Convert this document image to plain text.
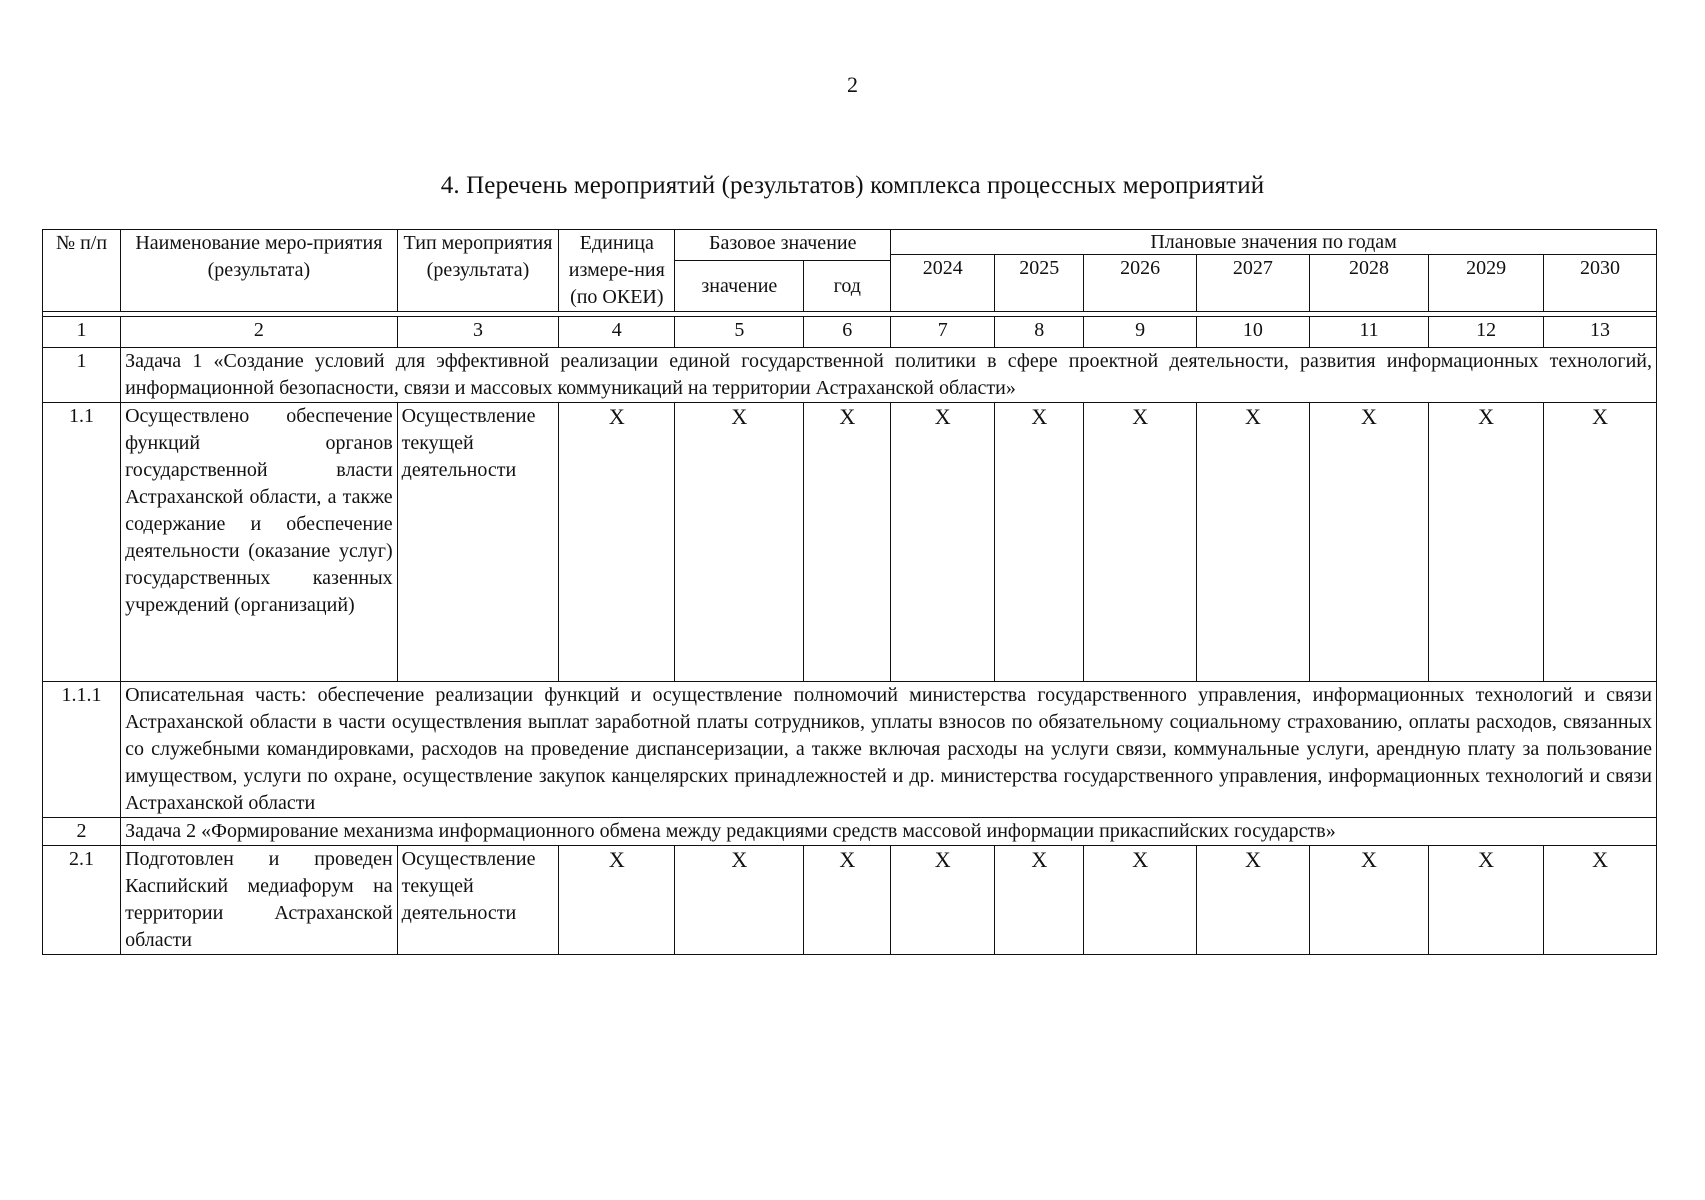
2
4. Перечень мероприятий (результатов) комплекса процессных мероприятий
№ п/п	Наименование меро-приятия (результата)	Тип мероприятия (результата)	Единица измере-ния (по ОКЕИ)	Базовое значение		Плановые значения по годам						
						2024	2025	2026	2027	2028	2029	2030
				значение	год							

1	2	3	4	5	6	7	8	9	10	11	12	13
1	Задача 1 «Создание условий для эффективной реализации единой государственной политики в сфере проектной деятельности, развития информационных технологий, информационной безопасности, связи и массовых коммуникаций на территории Астраханской области»											
1.1	Осуществлено обеспечение функций органов государственной власти Астраханской области, а также содержание и обеспечение деятельности (оказание услуг) государственных казенных учреждений (организаций)	Осуществление текущей деятельности	X	X	X	X	X	X	X	X	X	X
1.1.1	Описательная часть: обеспечение реализации функций и осуществление полномочий министерства государственного управления, информационных технологий и связи Астраханской области в части осуществления выплат заработной платы сотрудников, уплаты взносов по обязательному социальному страхованию, оплаты расходов, связанных со служебными командировками, расходов на проведение диспансеризации, а также включая расходы на услуги связи, коммунальные услуги, арендную плату за пользование имуществом, услуги по охране, осуществление закупок канцелярских принадлежностей и др. министерства государственного управления, информационных технологий и связи Астраханской области											
2	Задача 2 «Формирование механизма информационного обмена между редакциями средств массовой информации прикаспийских государств»											
2.1	Подготовлен и проведен Каспийский медиафорум на территории Астраханской области	Осуществление текущей деятельности	X	X	X	X	X	X	X	X	X	X
